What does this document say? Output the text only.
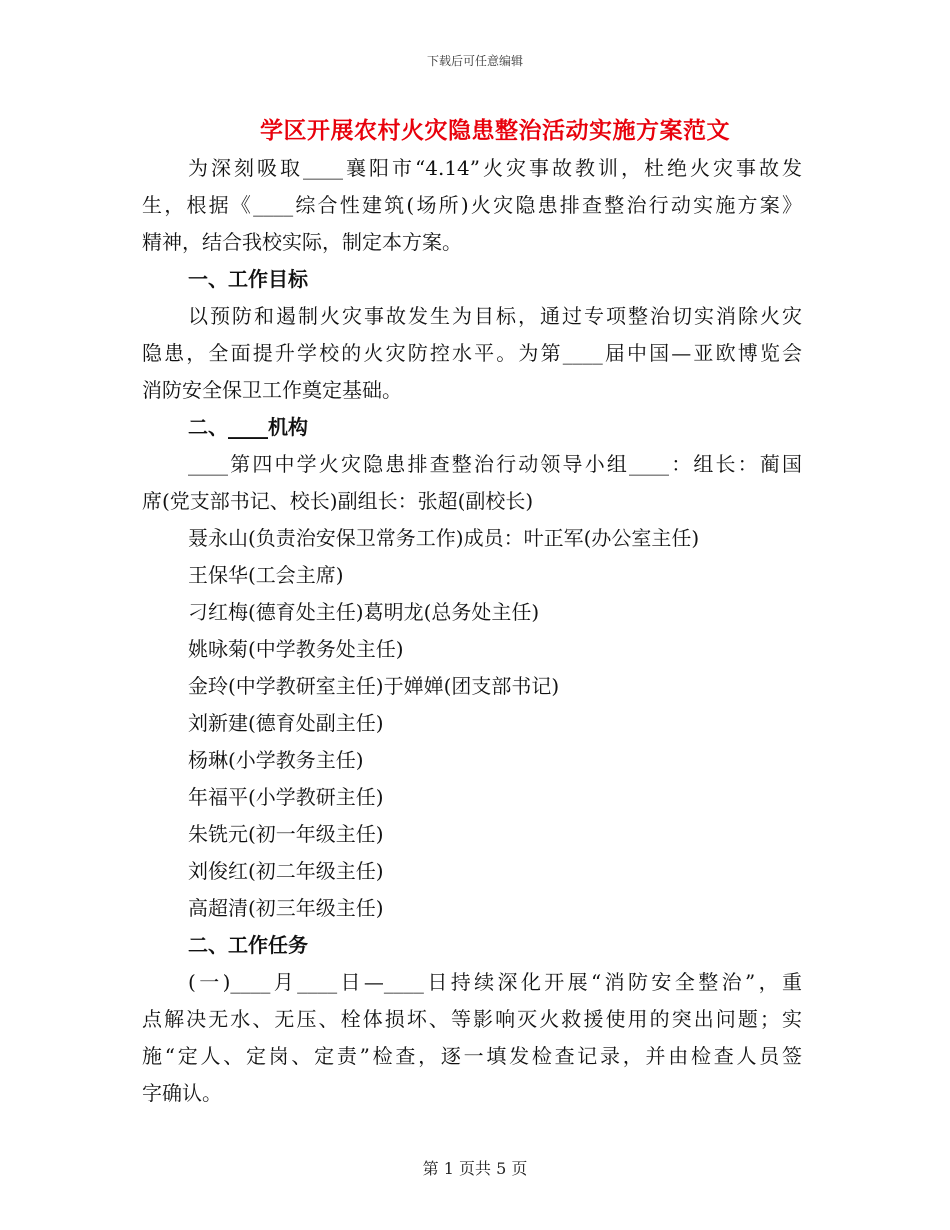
下载后可任意编辑
学区开展农村火灾隐患整治活动实施方案范文
为深刻吸取____襄阳市“4.14”火灾事故教训，杜绝火灾事故发
生，根据《____综合性建筑(场所)火灾隐患排查整治行动实施方案》
精神，结合我校实际，制定本方案。
一、工作目标
以预防和遏制火灾事故发生为目标，通过专项整治切实消除火灾
隐患，全面提升学校的火灾防控水平。为第____届中国—亚欧博览会
消防安全保卫工作奠定基础。
二、____机构
____第四中学火灾隐患排查整治行动领导小组____：组长：蔺国
席(党支部书记、校长)副组长：张超(副校长)
聂永山(负责治安保卫常务工作)成员：叶正军(办公室主任)
王保华(工会主席)
刁红梅(德育处主任)葛明龙(总务处主任)
姚咏菊(中学教务处主任)
金玲(中学教研室主任)于婵婵(团支部书记)
刘新建(德育处副主任)
杨琳(小学教务主任)
年福平(小学教研主任)
朱铣元(初一年级主任)
刘俊红(初二年级主任)
高超清(初三年级主任)
二、工作任务
(一)____月____日—____日持续深化开展“消防安全整治”，重
点解决无水、无压、栓体损坏、等影响灭火救援使用的突出问题；实
施“定人、定岗、定责”检查，逐一填发检查记录，并由检查人员签
字确认。
第 1 页共 5 页
